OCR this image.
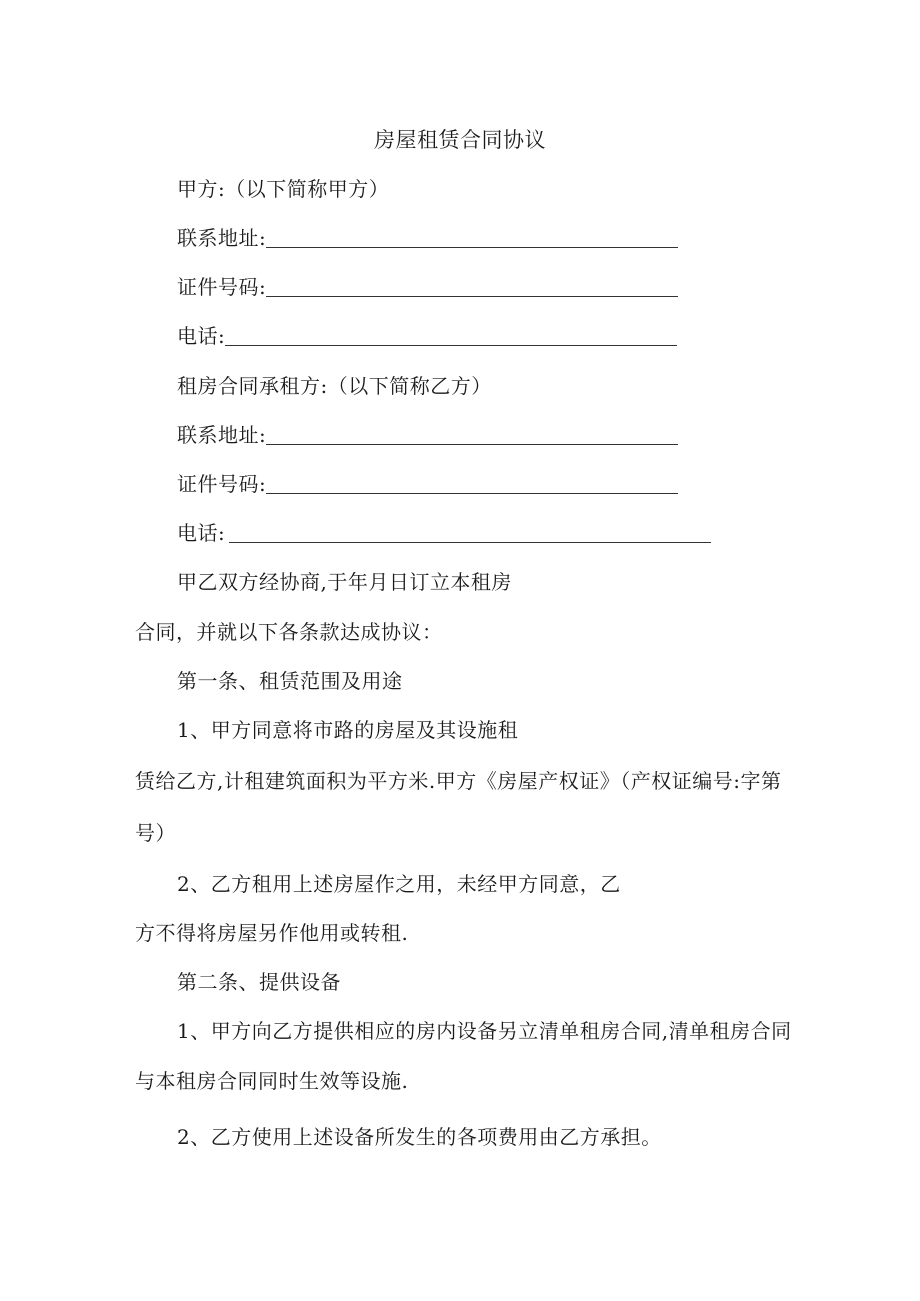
房屋租赁合同协议
甲方:（以下简称甲方）
联系地址:
证件号码:
电话:
租房合同承租方:（以下简称乙方）
联系地址:
证件号码:
电话:
甲乙双方经协商,于年月日订立本租房
合同，并就以下各条款达成协议：
第一条、租赁范围及用途
1、甲方同意将市路的房屋及其设施租
赁给乙方,计租建筑面积为平方米.甲方《房屋产权证》（产权证编号:字第
号）
2、乙方租用上述房屋作之用，未经甲方同意，乙
方不得将房屋另作他用或转租.
第二条、提供设备
1、甲方向乙方提供相应的房内设备另立清单租房合同,清单租房合同
与本租房合同同时生效等设施.
2、乙方使用上述设备所发生的各项费用由乙方承担。
